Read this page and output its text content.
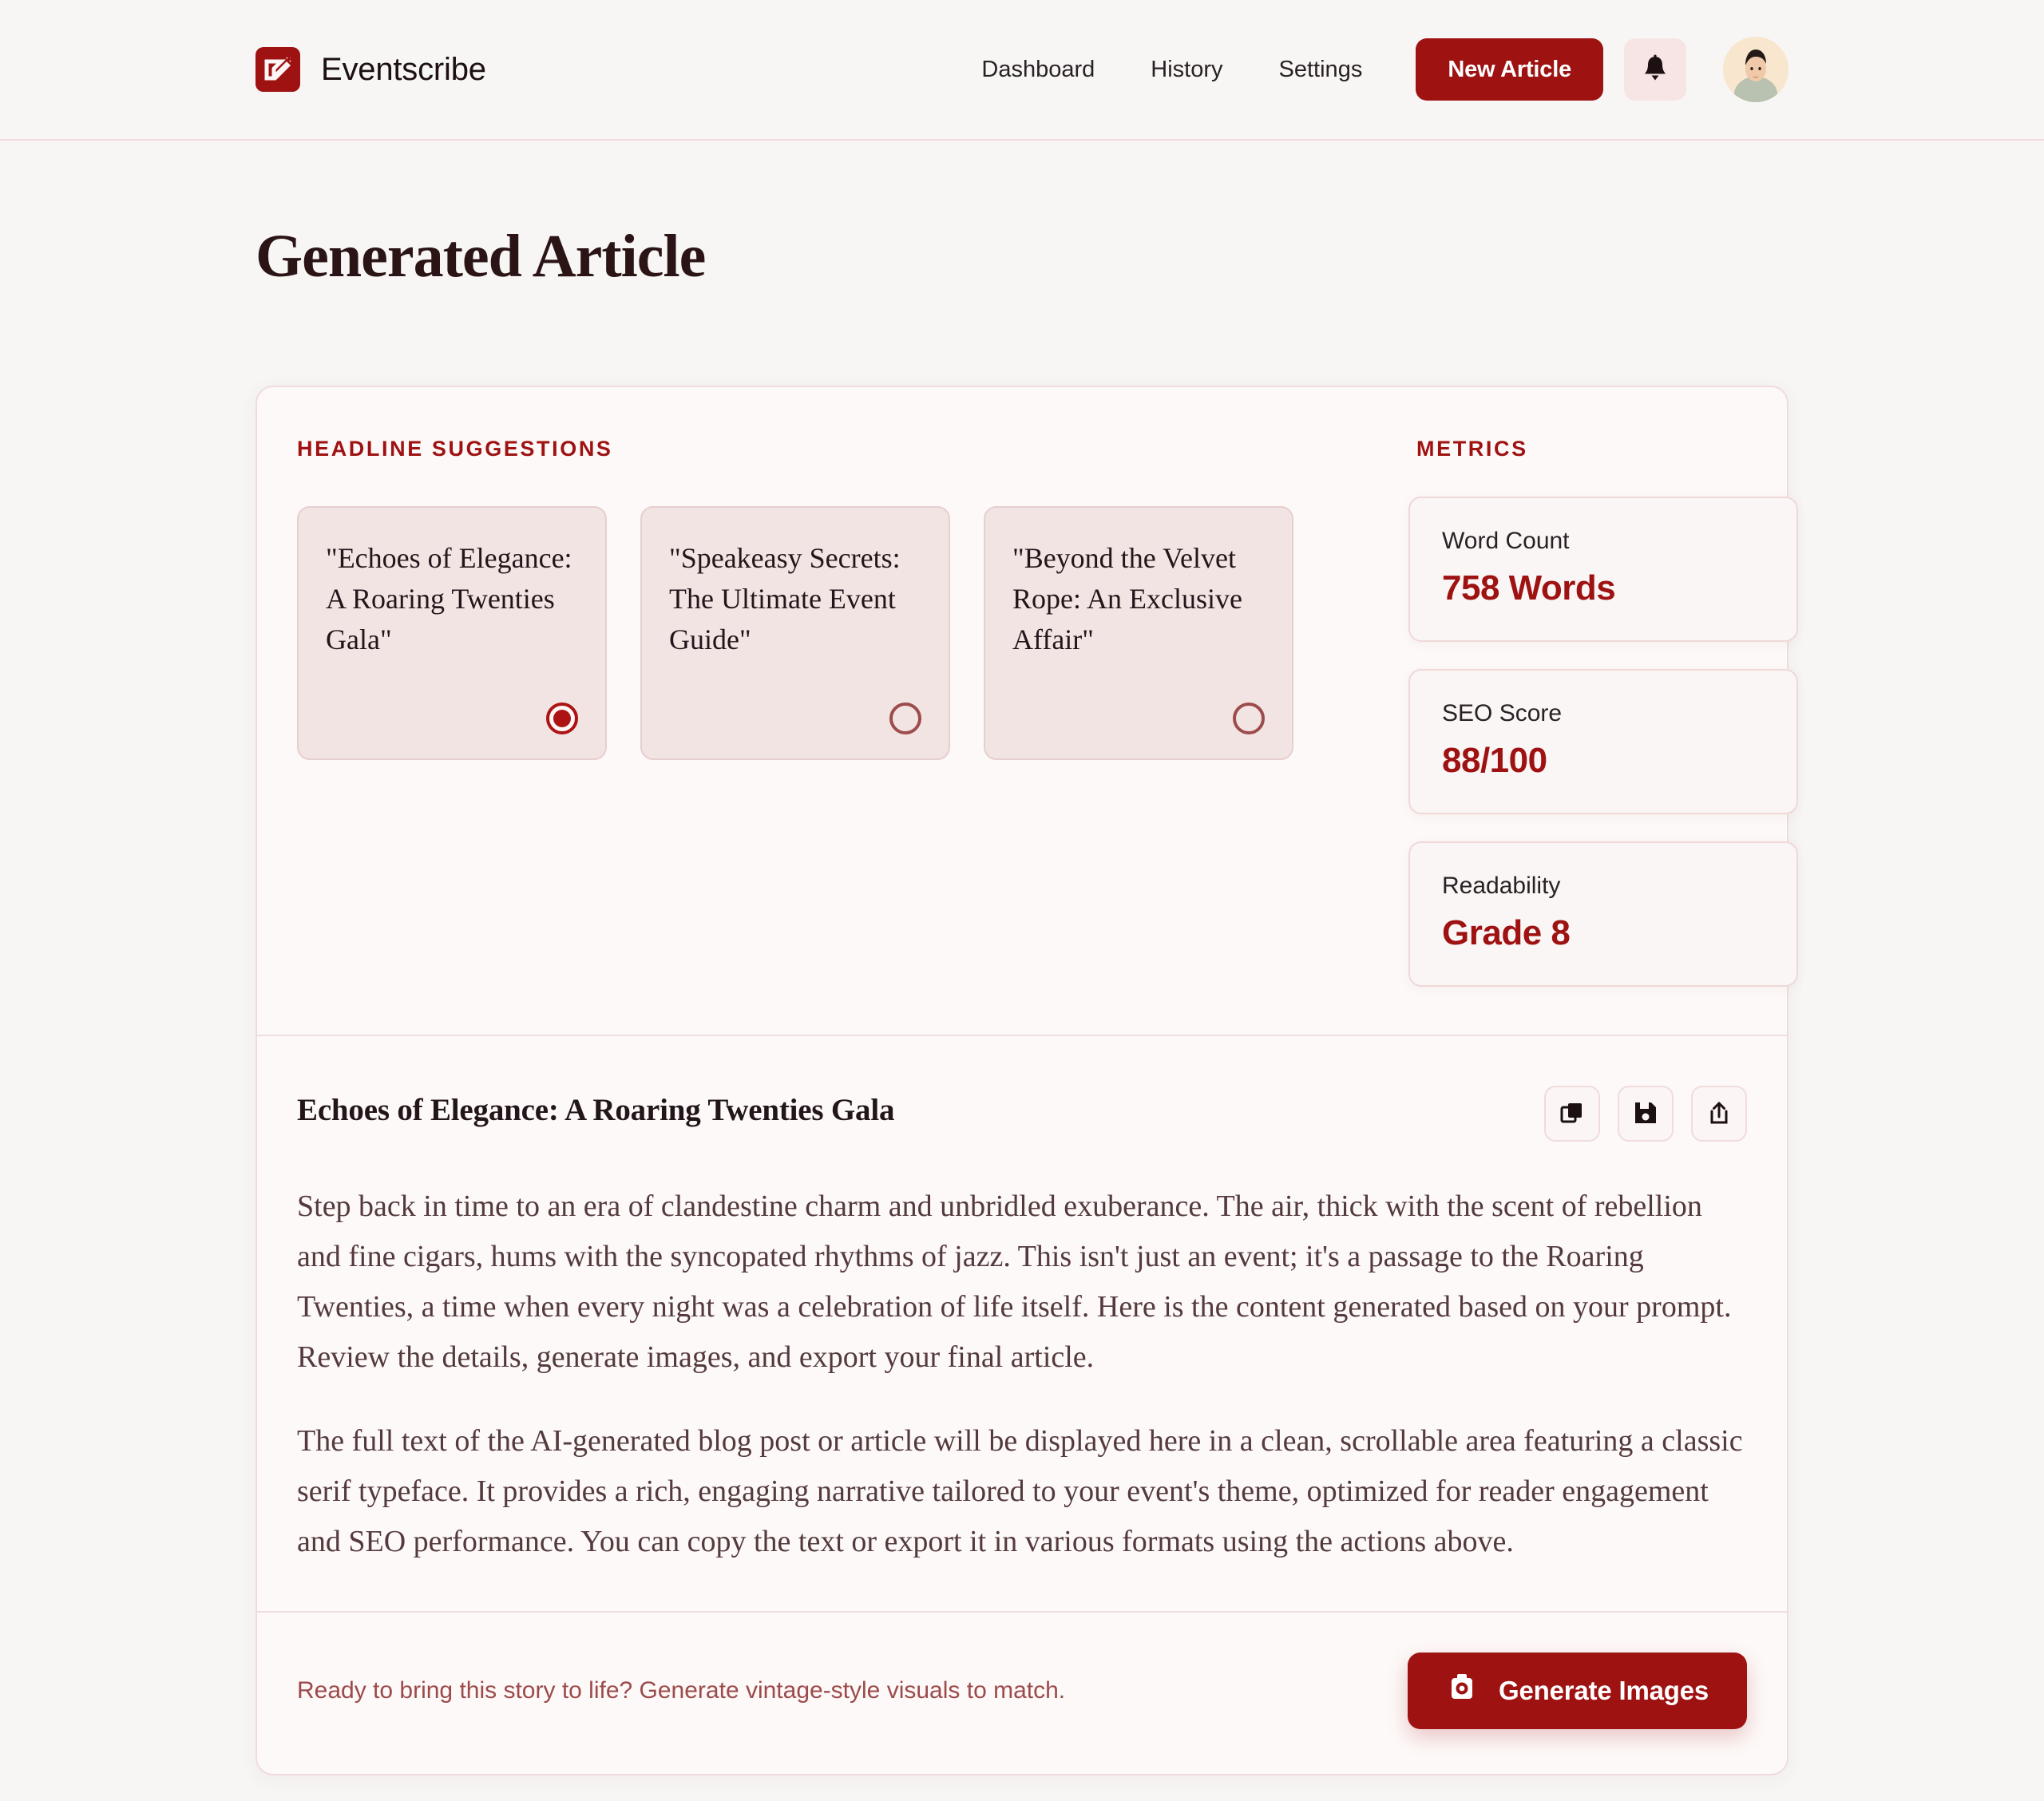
Eventscribe	Dashboard	History	Settings	New Article
Generated Article
HEADLINE SUGGESTIONS
"Echoes of Elegance: A Roaring Twenties Gala"
"Speakeasy Secrets: The Ultimate Event Guide"
"Beyond the Velvet Rope: An Exclusive Affair"
METRICS
Word Count
758 Words
SEO Score
88/100
Readability
Grade 8
Echoes of Elegance: A Roaring Twenties Gala

Step back in time to an era of clandestine charm and unbridled exuberance. The air, thick with the scent of rebellion and fine cigars, hums with the syncopated rhythms of jazz. This isn't just an event; it's a passage to the Roaring Twenties, a time when every night was a celebration of life itself. Here is the content generated based on your prompt. Review the details, generate images, and export your final article.

The full text of the AI-generated blog post or article will be displayed here in a clean, scrollable area featuring a classic serif typeface. It provides a rich, engaging narrative tailored to your event's theme, optimized for reader engagement and SEO performance. You can copy the text or export it in various formats using the actions above.

Ready to bring this story to life? Generate vintage-style visuals to match.	Generate Images
